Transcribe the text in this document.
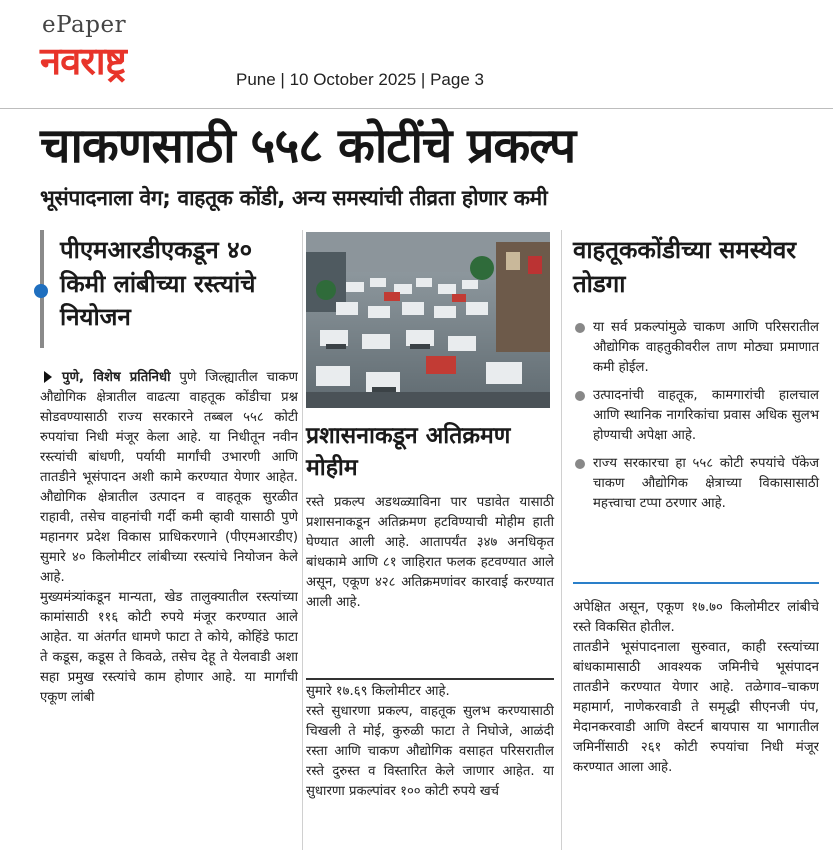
ePaper
नवराष्ट्र	Pune | 10 October 2025 | Page 3
चाकणसाठी ५५८ कोटींचे प्रकल्प
भूसंपादनाला वेग; वाहतूक कोंडी, अन्य समस्यांची तीव्रता होणार कमी
पीएमआरडीएकडून ४० किमी लांबीच्या रस्त्यांचे नियोजन

पुणे, विशेष प्रतिनिधी पुणे जिल्ह्यातील चाकण औद्योगिक क्षेत्रातील वाढत्या वाहतूक कोंडीचा प्रश्न सोडवण्यासाठी राज्य सरकारने तब्बल ५५८ कोटी रुपयांचा निधी मंजूर केला आहे. या निधीतून नवीन रस्त्यांची बांधणी, पर्यायी मार्गांची उभारणी आणि तातडीने भूसंपादन अशी कामे करण्यात येणार आहेत. औद्योगिक क्षेत्रातील उत्पादन व वाहतूक सुरळीत राहावी, तसेच वाहनांची गर्दी कमी व्हावी यासाठी पुणे महानगर प्रदेश विकास प्राधिकरणाने (पीएमआरडीए) सुमारे ४० किलोमीटर लांबीच्या रस्त्यांचे नियोजन केले आहे.

मुख्यमंत्र्यांकडून मान्यता, खेड तालुक्यातील रस्त्यांच्या कामांसाठी ११६ कोटी रुपये मंजूर करण्यात आले आहेत. या अंतर्गत धामणे फाटा ते कोये, कोहिंडे फाटा ते कडूस, कडूस ते किवळे, तसेच देहू ते येलवाडी अशा सहा प्रमुख रस्त्यांचे काम होणार आहे. या मार्गांची एकूण लांबी

प्रशासनाकडून अतिक्रमण मोहीम
रस्ते प्रकल्प अडथळ्याविना पार पडावेत यासाठी प्रशासनाकडून अतिक्रमण हटविण्याची मोहीम हाती घेण्यात आली आहे. आतापर्यंत ३४७ अनधिकृत बांधकामे आणि ८१ जाहिरात फलक हटवण्यात आले असून, एकूण ४२८ अतिक्रमणांवर कारवाई करण्यात आली आहे.

सुमारे १७.६९ किलोमीटर आहे.

रस्ते सुधारणा प्रकल्प, वाहतूक सुलभ करण्यासाठी चिखली ते मोई, कुरुळी फाटा ते निघोजे, आळंदी रस्ता आणि चाकण औद्योगिक वसाहत परिसरातील रस्ते दुरुस्त व विस्तारित केले जाणार आहेत. या सुधारणा प्रकल्पांवर १०० कोटी रुपये खर्च

वाहतूककोंडीच्या समस्येवर तोडगा
या सर्व प्रकल्पांमुळे चाकण आणि परिसरातील औद्योगिक वाहतुकीवरील ताण मोठ्या प्रमाणात कमी होईल.
उत्पादनांची वाहतूक, कामगारांची हालचाल आणि स्थानिक नागरिकांचा प्रवास अधिक सुलभ होण्याची अपेक्षा आहे.
राज्य सरकारचा हा ५५८ कोटी रुपयांचे पॅकेज चाकण औद्योगिक क्षेत्राच्या विकासासाठी महत्त्वाचा टप्पा ठरणार आहे.

अपेक्षित असून, एकूण १७.७० किलोमीटर लांबीचे रस्ते विकसित होतील.

तातडीने भूसंपादनाला सुरुवात, काही रस्त्यांच्या बांधकामासाठी आवश्यक जमिनीचे भूसंपादन तातडीने करण्यात येणार आहे. तळेगाव–चाकण महामार्ग, नाणेकरवाडी ते समृद्धी सीएनजी पंप, मेदानकरवाडी आणि वेस्टर्न बायपास या भागातील जमिनींसाठी २६१ कोटी रुपयांचा निधी मंजूर करण्यात आला आहे.
